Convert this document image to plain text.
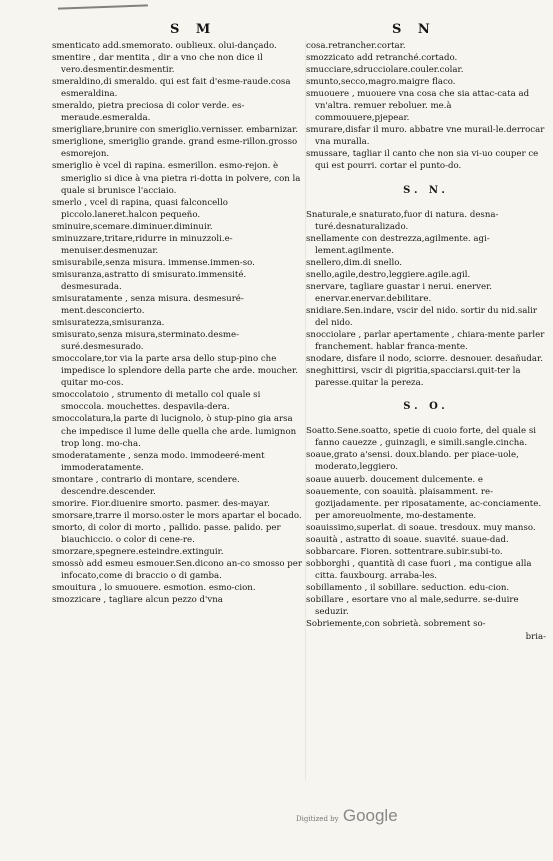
S M	S N
smenticato add.smemorato. oublieux. olui-dançado.
smentire , dar mentita , dir a vno che non dice il vero.desmentir.desmentir.
smeraldino,di smeraldo. qui est fait d'esme-raude.cosa esmeraldina.
smeraldo, pietra preciosa di color verde. es-meraude.esmeralda.
smerigliare,brunire con smeriglio.vernisser. embarnizar.
smeriglione, smeriglio grande. grand esme-rillon.grosso esmorejon.
smeriglio è vcel di rapina. esmerillon. esmo-rejon. è smeriglio si dice à vna pietra ri-dotta in polvere, con la quale si brunisce l'acciaio.
smerlo , vcel di rapina, quasi falconcello piccolo.laneret.halcon pequeño.
sminuire,scemare.diminuer.diminuir.
sminuzzare,tritare,ridurre in minuzzoli.e-menuiser.desmenuzar.
smisurabile,senza misura. immense.immen-so.
smisuranza,astratto di smisurato.immensité. desmesurada.
smisuratamente , senza misura. desmesuré-ment.desconcierto.
smisuratezza,smisuranza.
smisurato,senza misura,sterminato.desme-suré.desmesurado.
smoccolare,tor via la parte arsa dello stup-pino che impedisce lo splendore della parte che arde. moucher. quitar mo-cos.
smoccolatoio , strumento di metallo col quale si smoccola. mouchettes. despavila-dera.
smoccolatura,la parte di lucignolo, ò stup-pino gia arsa che impedisce il lume delle quella che arde. lumignon trop long. mo-cha.
smoderatamente , senza modo. immodeeré-ment immoderatamente.
smontare , contrario di montare, scendere. descendre.descender.
smorire. Fior.diuenire smorto. pasmer. des-mayar.
smorsare,trarre il morso.oster le mors apartar el bocado.
smorto, di color di morto , pallido. passe. palido. per biauchiccio. o color di cene-re.
smorzare,spegnere.esteindre.extinguir.
smossò add esmeu esmouer.Sen.dicono an-co smosso per infocato,come di braccio o di gamba.
smouitura , lo smuouere. esmotion. esmo-cion.
smozzicare , tagliare alcun pezzo d'vna
cosa.retrancher.cortar.
smozzicato add retranché.cortado.
smucciare,sdrucciolare.couler.colar.
smunto,secco,magro.maigre flaco.
smuouere , muouere vna cosa che sia attac-cata ad vn'altra. remuer reboluer. me.à commouuere,pjepear.
smurare,disfar il muro. abbatre vne murail-le.derrocar vna muralla.
smussare, tagliar il canto che non sia vi-uo couper ce qui est pourri. cortar el punto-do.
S. N.
Snaturale,e snaturato,fuor di natura. desna-turé.desnaturalizado.
snellamente con destrezza,agilmente. agi-lement.agilmente.
snellero,dim.di snello.
snello,agile,destro,leggiere.agile.agil.
snervare, tagliare guastar i nerui. enerver. enervar.enervar.debilitare.
snidiare.Sen.indare, vscir del nido. sortir du nid.salir del nido.
snocciolare , parlar apertamente , chiara-mente parler franchement. hablar franca-mente.
snodare, disfare il nodo, sciorre. desnouer. desañudar.
sneghittirsi, vscir di pigritia,spacciarsi.quit-ter la paresse.quitar la pereza.
S. O.
Soatto.Sene.soatto, spetie di cuoio forte, del quale si fanno cauezze , guinzagli, e simili.sangle.cincha.
soaue,grato a'sensi. doux.blando. per piace-uole, moderato,leggiero.
soaue auuerb. doucement dulcemente. e
soauemente, con soauità. plaisamment. re-gozijadamente. per riposatamente, ac-conciamente. per amoreuolmente, mo-destamente.
soauissimo,superlat. di soaue. tresdoux. muy manso.
soauità , astratto di soaue. suavité. suaue-dad.
sobbarcare. Fioren. sottentrare.subir.subi-to.
sobborghi , quantità di case fuori , ma contigue alla citta. fauxbourg. arraba-les.
sobillamento , il sobillare. seduction. edu-cion.
sobillare , esortare vno al male,sedurre. se-duire seduzir.
Sobriemente,con sobrietà. sobrement so-
bria-
Digitized by Google
